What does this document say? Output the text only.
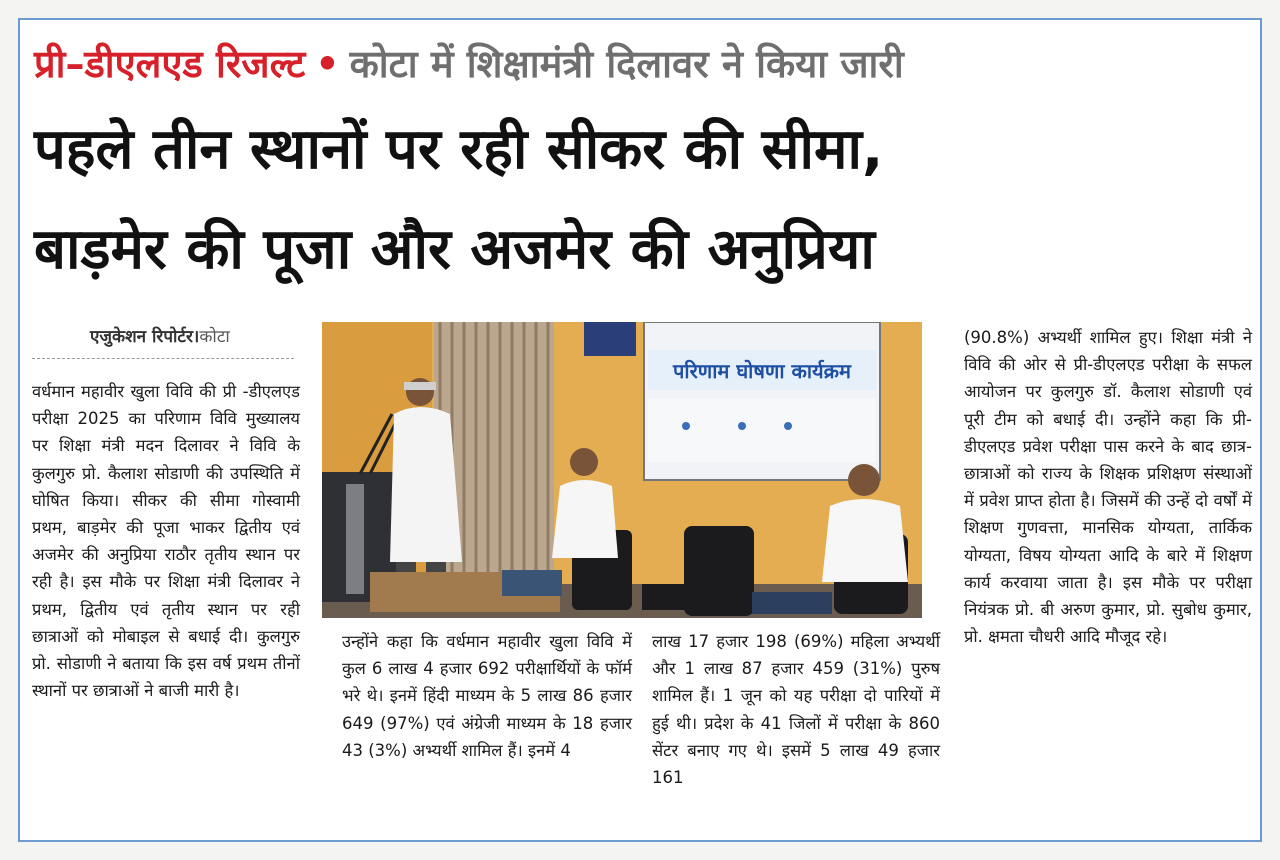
प्री–डीएलएड रिजल्ट • कोटा में शिक्षामंत्री दिलावर ने किया जारी
पहले तीन स्थानों पर रही सीकर की सीमा,
बाड़मेर की पूजा और अजमेर की अनुप्रिया
एजुकेशन रिपोर्टर।कोटा

वर्धमान महावीर खुला विवि की प्री -डीएलएड परीक्षा 2025 का परिणाम विवि मुख्यालय पर शिक्षा मंत्री मदन दिलावर ने विवि के कुलगुरु प्रो. कैलाश सोडाणी की उपस्थिति में घोषित किया। सीकर की सीमा गोस्वामी प्रथम, बाड़मेर की पूजा भाकर द्वितीय एवं अजमेर की अनुप्रिया राठौर तृतीय स्थान पर रही है। इस मौके पर शिक्षा मंत्री दिलावर ने प्रथम, द्वितीय एवं तृतीय स्थान पर रही छात्राओं को मोबाइल से बधाई दी। कुलगुरु प्रो. सोडाणी ने बताया कि इस वर्ष प्रथम तीनों स्थानों पर छात्राओं ने बाजी मारी है।

परिणाम घोषणा कार्यक्रम

उन्होंने कहा कि वर्धमान महावीर खुला विवि में कुल 6 लाख 4 हजार 692 परीक्षार्थियों के फॉर्म भरे थे। इनमें हिंदी माध्यम के 5 लाख 86 हजार 649 (97%) एवं अंग्रेजी माध्यम के 18 हजार 43 (3%) अभ्यर्थी शामिल हैं। इनमें 4

लाख 17 हजार 198 (69%) महिला अभ्यर्थी और 1 लाख 87 हजार 459 (31%) पुरुष शामिल हैं। 1 जून को यह परीक्षा दो पारियों में हुई थी। प्रदेश के 41 जिलों में परीक्षा के 860 सेंटर बनाए गए थे। इसमें 5 लाख 49 हजार 161

(90.8%) अभ्यर्थी शामिल हुए। शिक्षा मंत्री ने विवि की ओर से प्री-डीएलएड परीक्षा के सफल आयोजन पर कुलगुरु डॉ. कैलाश सोडाणी एवं पूरी टीम को बधाई दी। उन्होंने कहा कि प्री- डीएलएड प्रवेश परीक्षा पास करने के बाद छात्र- छात्राओं को राज्य के शिक्षक प्रशिक्षण संस्थाओं में प्रवेश प्राप्त होता है। जिसमें की उन्हें दो वर्षों में शिक्षण गुणवत्ता, मानसिक योग्यता, तार्किक योग्यता, विषय योग्यता आदि के बारे में शिक्षण कार्य करवाया जाता है। इस मौके पर परीक्षा नियंत्रक प्रो. बी अरुण कुमार, प्रो. सुबोध कुमार, प्रो. क्षमता चौधरी आदि मौजूद रहे।
